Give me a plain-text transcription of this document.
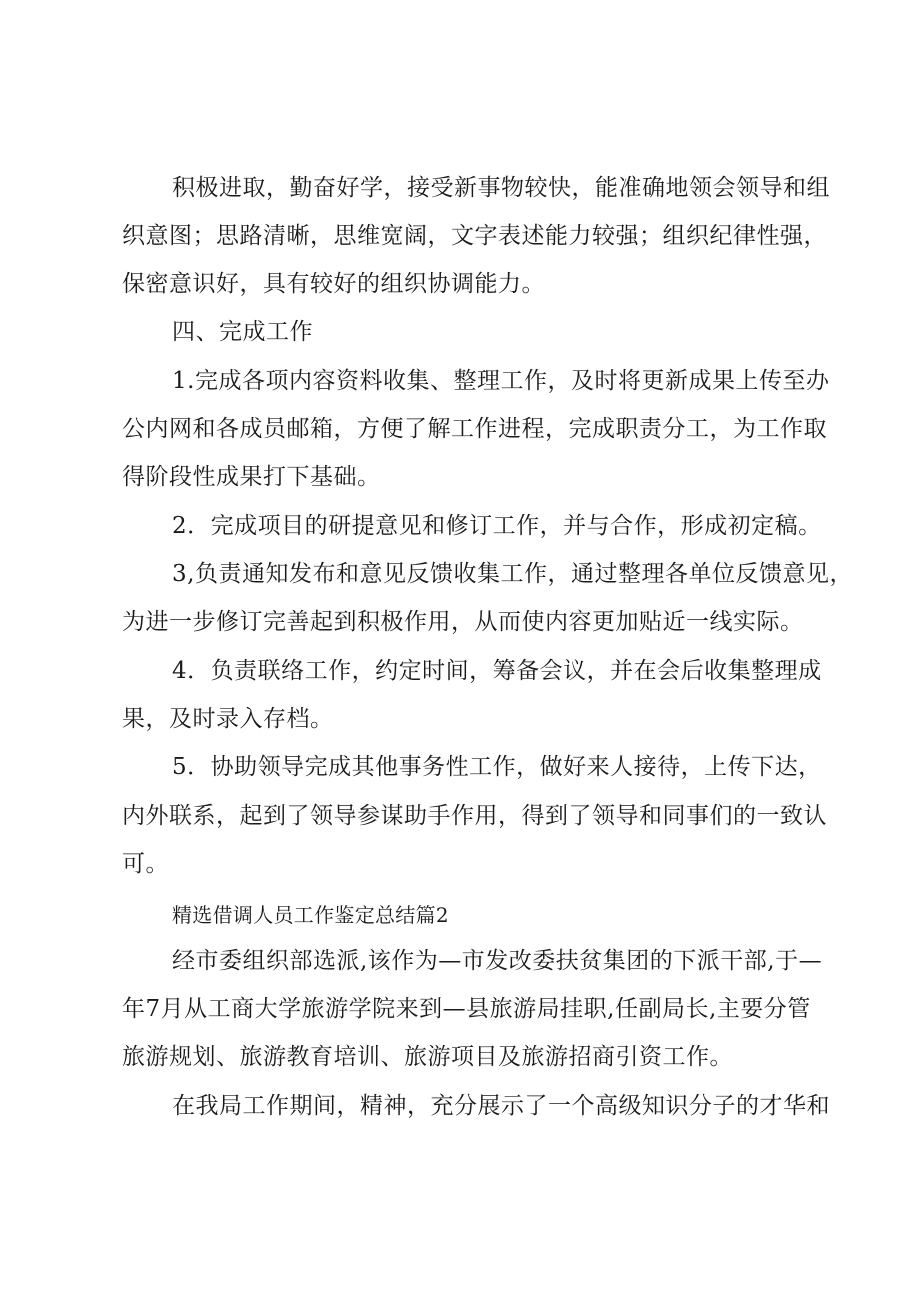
积极进取，勤奋好学，接受新事物较快，能准确地领会领导和组
织意图；思路清晰，思维宽阔，文字表述能力较强；组织纪律性强，
保密意识好，具有较好的组织协调能力。
四、完成工作
1.完成各项内容资料收集、整理工作，及时将更新成果上传至办
公内网和各成员邮箱，方便了解工作进程，完成职责分工，为工作取
得阶段性成果打下基础。
2．完成项目的研提意见和修订工作，并与合作，形成初定稿。
3,负责通知发布和意见反馈收集工作，通过整理各单位反馈意见，
为进一步修订完善起到积极作用，从而使内容更加贴近一线实际。
4．负责联络工作，约定时间，筹备会议，并在会后收集整理成
果，及时录入存档。
5．协助领导完成其他事务性工作，做好来人接待，上传下达，
内外联系，起到了领导参谋助手作用，得到了领导和同事们的一致认
可。
精选借调人员工作鉴定总结篇2
经市委组织部选派,该作为—市发改委扶贫集团的下派干部,于—
年7月从工商大学旅游学院来到—县旅游局挂职,任副局长,主要分管
旅游规划、旅游教育培训、旅游项目及旅游招商引资工作。
在我局工作期间，精神，充分展示了一个高级知识分子的才华和
